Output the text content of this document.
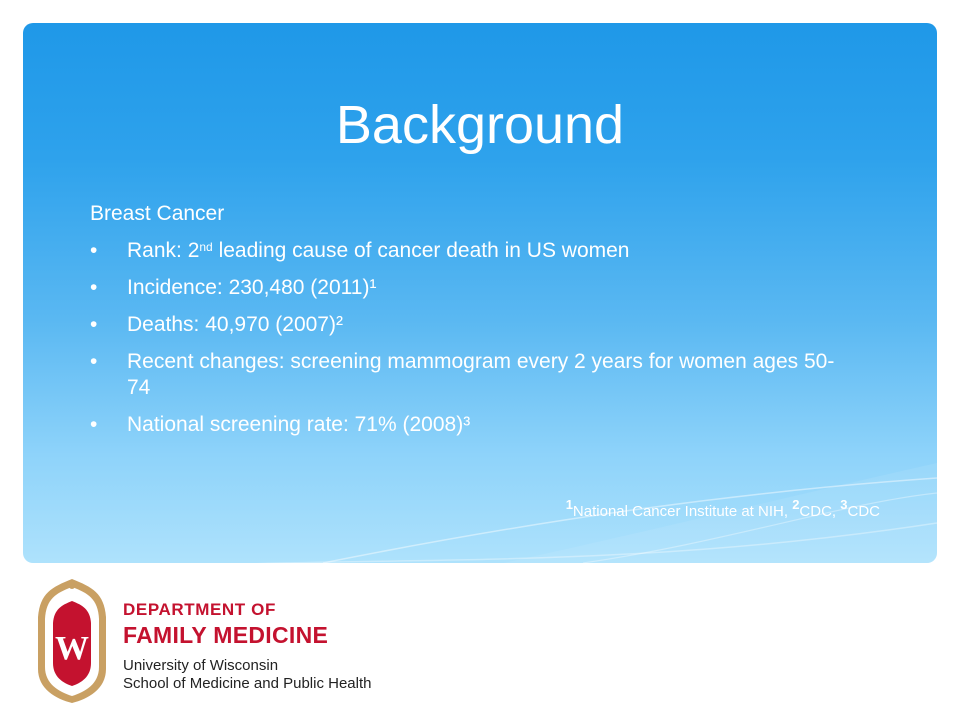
Background

Breast Cancer

• Rank: 2nd leading cause of cancer death in US women
• Incidence: 230,480 (2011)¹
• Deaths: 40,970 (2007)²
• Recent changes: screening mammogram every 2 years for women ages 50-74
• National screening rate: 71% (2008)³
1National Cancer Institute at NIH, 2CDC, 3CDC
W
DEPARTMENT OF
FAMILY MEDICINE
University of Wisconsin
School of Medicine and Public Health
